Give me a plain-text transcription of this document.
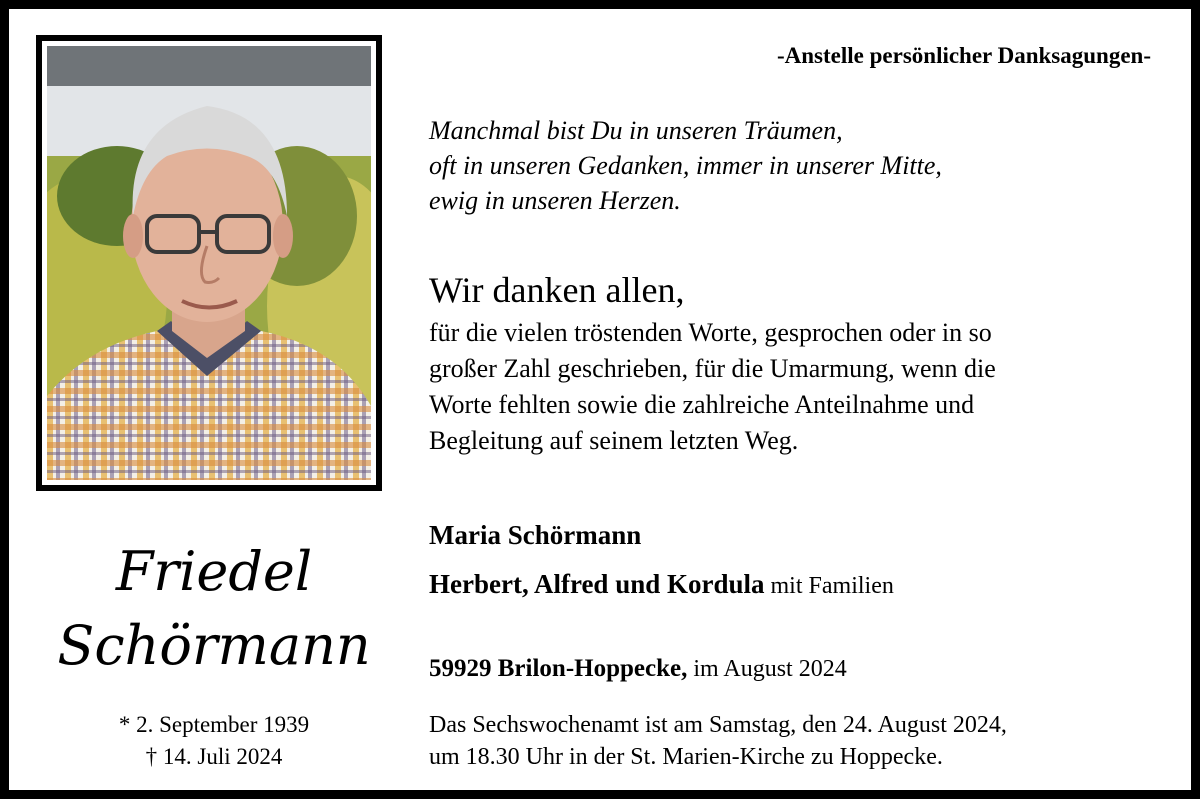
Friedel
Schörmann
* 2. September 1939
† 14. Juli 2024
-Anstelle persönlicher Danksagungen-
Manchmal bist Du in unseren Träumen,
oft in unseren Gedanken, immer in unserer Mitte,
ewig in unseren Herzen.
Wir danken allen,
für die vielen tröstenden Worte, gesprochen oder in so
großer Zahl geschrieben, für die Umarmung, wenn die
Worte fehlten sowie die zahlreiche Anteilnahme und
Begleitung auf seinem letzten Weg.
Maria Schörmann
Herbert, Alfred und Kordula mit Familien
59929 Brilon-Hoppecke, im August 2024
Das Sechswochenamt ist am Samstag, den 24. August 2024,
um 18.30 Uhr in der St. Marien-Kirche zu Hoppecke.
